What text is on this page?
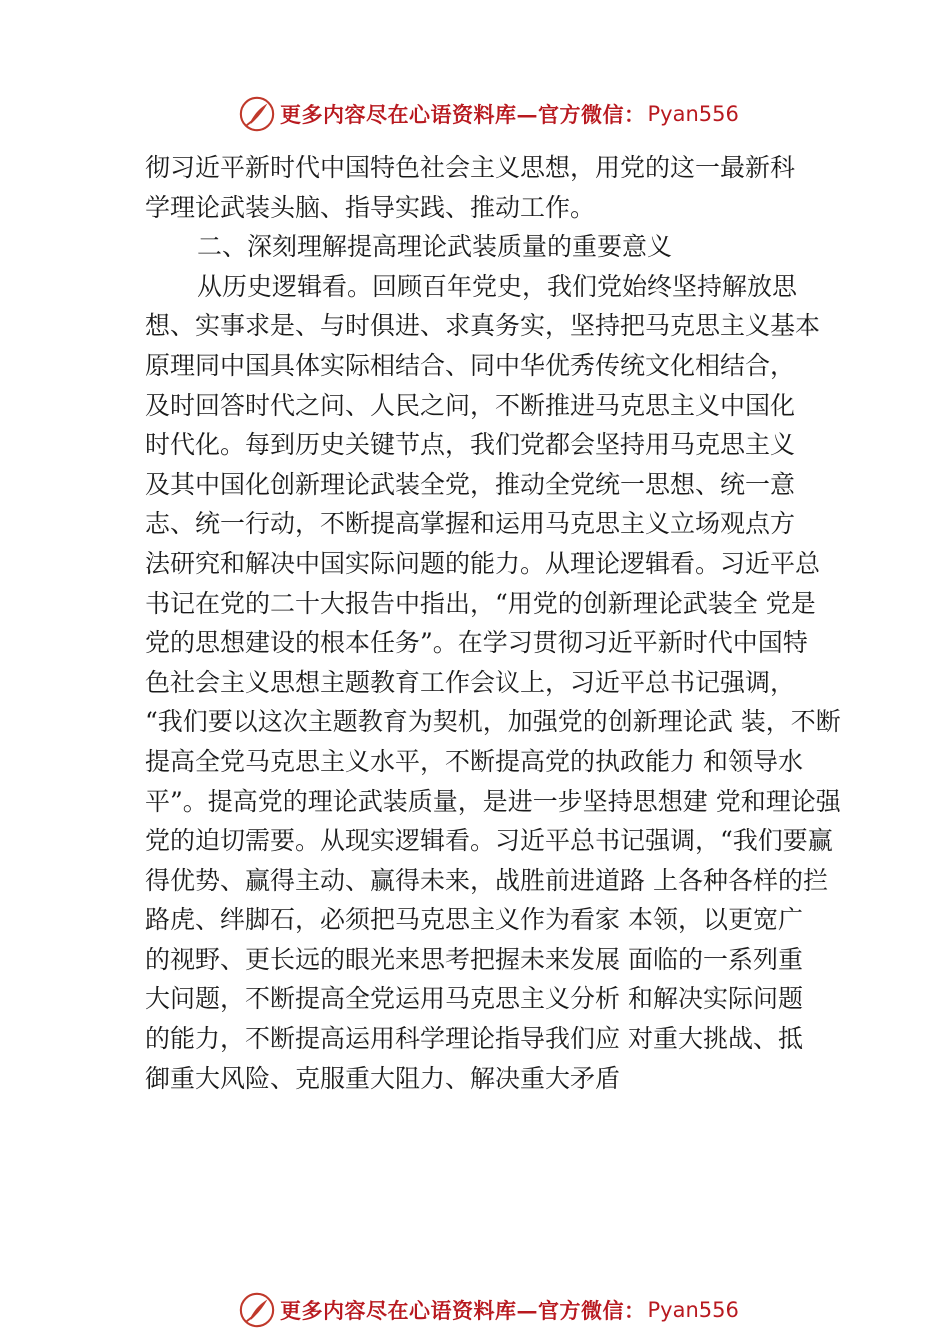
更多内容尽在心语资料库—官方微信： Pyan556
彻习近平新时代中国特色社会主义思想，用党的这一最新科
学理论武装头脑、指导实践、推动工作。
二、深刻理解提高理论武装质量的重要意义
从历史逻辑看。回顾百年党史，我们党始终坚持解放思
想、实事求是、与时俱进、求真务实，坚持把马克思主义基本
原理同中国具体实际相结合、同中华优秀传统文化相结合，
及时回答时代之问、人民之问，不断推进马克思主义中国化
时代化。每到历史关键节点，我们党都会坚持用马克思主义
及其中国化创新理论武装全党，推动全党统一思想、统一意
志、统一行动，不断提高掌握和运用马克思主义立场观点方
法研究和解决中国实际问题的能力。从理论逻辑看。习近平总
书记在党的二十大报告中指出，“用党的创新理论武装全 党是
党的思想建设的根本任务”。在学习贯彻习近平新时代中国特
色社会主义思想主题教育工作会议上，习近平总书记强调，
“我们要以这次主题教育为契机，加强党的创新理论武 装，不断
提高全党马克思主义水平，不断提高党的执政能力 和领导水
平”。提高党的理论武装质量，是进一步坚持思想建 党和理论强
党的迫切需要。从现实逻辑看。习近平总书记强调，“我们要赢
得优势、赢得主动、赢得未来，战胜前进道路 上各种各样的拦
路虎、绊脚石，必须把马克思主义作为看家 本领，以更宽广
的视野、更长远的眼光来思考把握未来发展 面临的一系列重
大问题，不断提高全党运用马克思主义分析 和解决实际问题
的能力，不断提高运用科学理论指导我们应 对重大挑战、抵
御重大风险、克服重大阻力、解决重大矛盾
更多内容尽在心语资料库—官方微信： Pyan556
